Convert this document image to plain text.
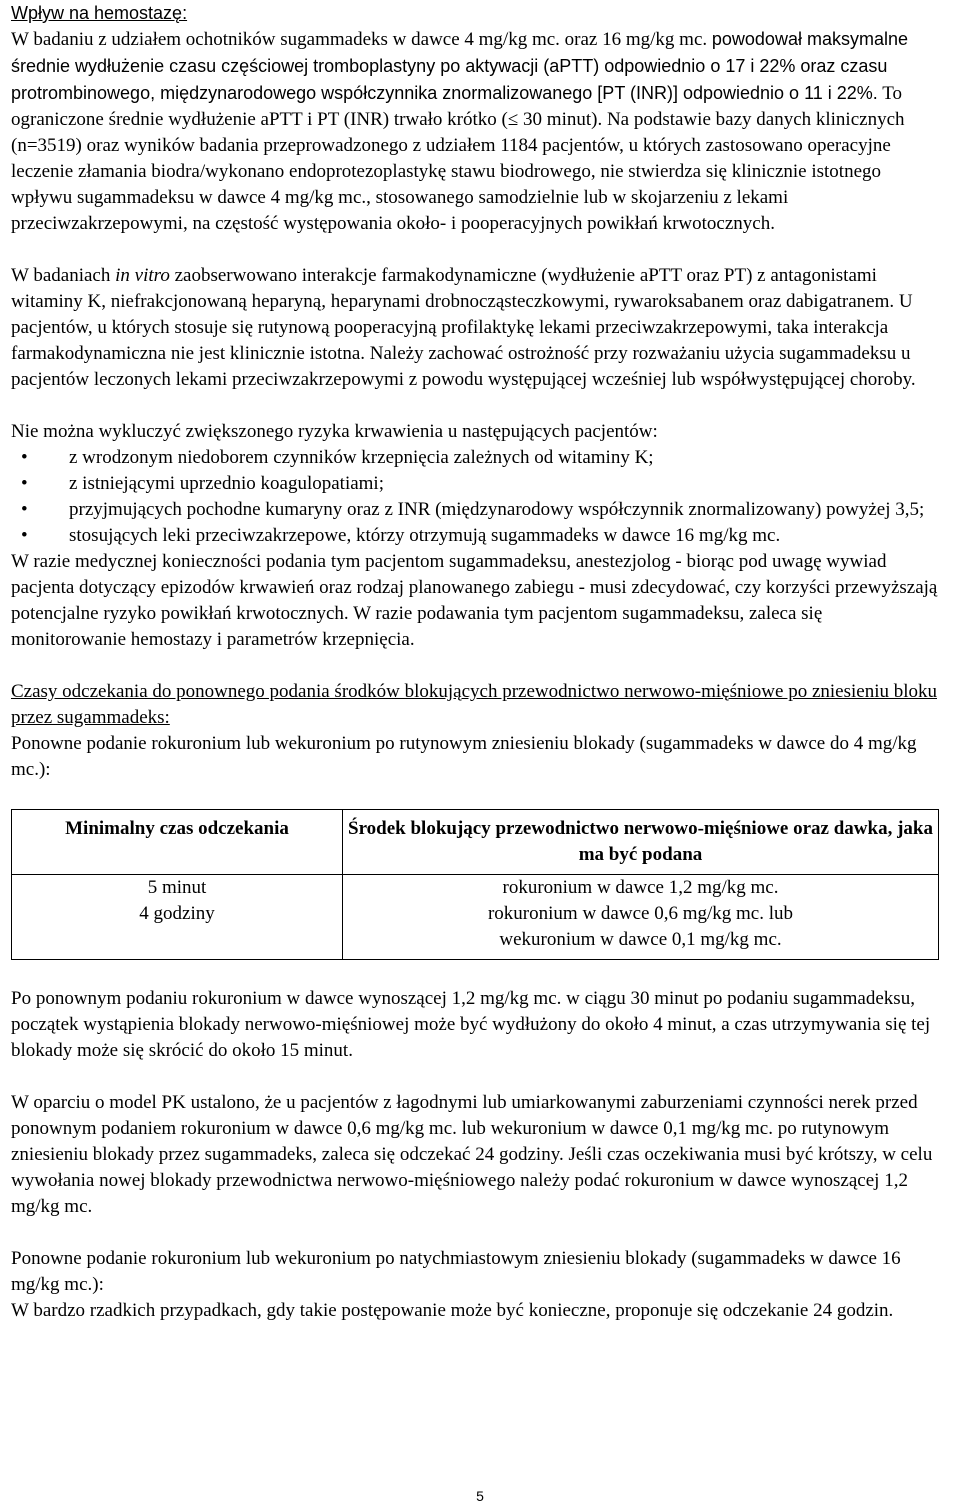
Wpływ na hemostazę:

W badaniu z udziałem ochotników sugammadeks w dawce 4 mg/kg mc. oraz 16 mg/kg mc. powodował maksymalne średnie wydłużenie czasu częściowej tromboplastyny po aktywacji (aPTT) odpowiednio o 17 i 22% oraz czasu protrombinowego, międzynarodowego współczynnika znormalizowanego [PT (INR)] odpowiednio o 11 i 22%. To ograniczone średnie wydłużenie aPTT i PT (INR) trwało krótko (≤ 30 minut). Na podstawie bazy danych klinicznych (n=3519) oraz wyników badania przeprowadzonego z udziałem 1184 pacjentów, u których zastosowano operacyjne leczenie złamania biodra/wykonano endoprotezoplastykę stawu biodrowego, nie stwierdza się klinicznie istotnego wpływu sugammadeksu w dawce 4 mg/kg mc., stosowanego samodzielnie lub w skojarzeniu z lekami przeciwzakrzepowymi, na częstość występowania około- i pooperacyjnych powikłań krwotocznych.

W badaniach in vitro zaobserwowano interakcje farmakodynamiczne (wydłużenie aPTT oraz PT) z antagonistami witaminy K, niefrakcjonowaną heparyną, heparynami drobnocząsteczkowymi, rywaroksabanem oraz dabigatranem. U pacjentów, u których stosuje się rutynową pooperacyjną profilaktykę lekami przeciwzakrzepowymi, taka interakcja farmakodynamiczna nie jest klinicznie istotna. Należy zachować ostrożność przy rozważaniu użycia sugammadeksu u pacjentów leczonych lekami przeciwzakrzepowymi z powodu występującej wcześniej lub współwystępującej choroby.

Nie można wykluczyć zwiększonego ryzyka krwawienia u następujących pacjentów:

• z wrodzonym niedoborem czynników krzepnięcia zależnych od witaminy K;
• z istniejącymi uprzednio koagulopatiami;
• przyjmujących pochodne kumaryny oraz z INR (międzynarodowy współczynnik znormalizowany) powyżej 3,5;
• stosujących leki przeciwzakrzepowe, którzy otrzymują sugammadeks w dawce 16 mg/kg mc.

W razie medycznej konieczności podania tym pacjentom sugammadeksu, anestezjolog - biorąc pod uwagę wywiad pacjenta dotyczący epizodów krwawień oraz rodzaj planowanego zabiegu - musi zdecydować, czy korzyści przewyższają potencjalne ryzyko powikłań krwotocznych. W razie podawania tym pacjentom sugammadeksu, zaleca się monitorowanie hemostazy i parametrów krzepnięcia.

Czasy odczekania do ponownego podania środków blokujących przewodnictwo nerwowo-mięśniowe po zniesieniu bloku przez sugammadeks:

Ponowne podanie rokuronium lub wekuronium po rutynowym zniesieniu blokady (sugammadeks w dawce do 4 mg/kg mc.):

Minimalny czas odczekania	Środek blokujący przewodnictwo nerwowo-mięśniowe oraz dawka, jaka ma być podana

5 minut	rokuronium w dawce 1,2 mg/kg mc.
4 godziny	rokuronium w dawce 0,6 mg/kg mc. lub wekuronium w dawce 0,1 mg/kg mc.

Po ponownym podaniu rokuronium w dawce wynoszącej 1,2 mg/kg mc. w ciągu 30 minut po podaniu sugammadeksu, początek wystąpienia blokady nerwowo-mięśniowej może być wydłużony do około 4 minut, a czas utrzymywania się tej blokady może się skrócić do około 15 minut.

W oparciu o model PK ustalono, że u pacjentów z łagodnymi lub umiarkowanymi zaburzeniami czynności nerek przed ponownym podaniem rokuronium w dawce 0,6 mg/kg mc. lub wekuronium w dawce 0,1 mg/kg mc. po rutynowym zniesieniu blokady przez sugammadeks, zaleca się odczekać 24 godziny. Jeśli czas oczekiwania musi być krótszy, w celu wywołania nowej blokady przewodnictwa nerwowo-mięśniowego należy podać rokuronium w dawce wynoszącej 1,2 mg/kg mc.

Ponowne podanie rokuronium lub wekuronium po natychmiastowym zniesieniu blokady (sugammadeks w dawce 16 mg/kg mc.):

W bardzo rzadkich przypadkach, gdy takie postępowanie może być konieczne, proponuje się odczekanie 24 godzin.

5
